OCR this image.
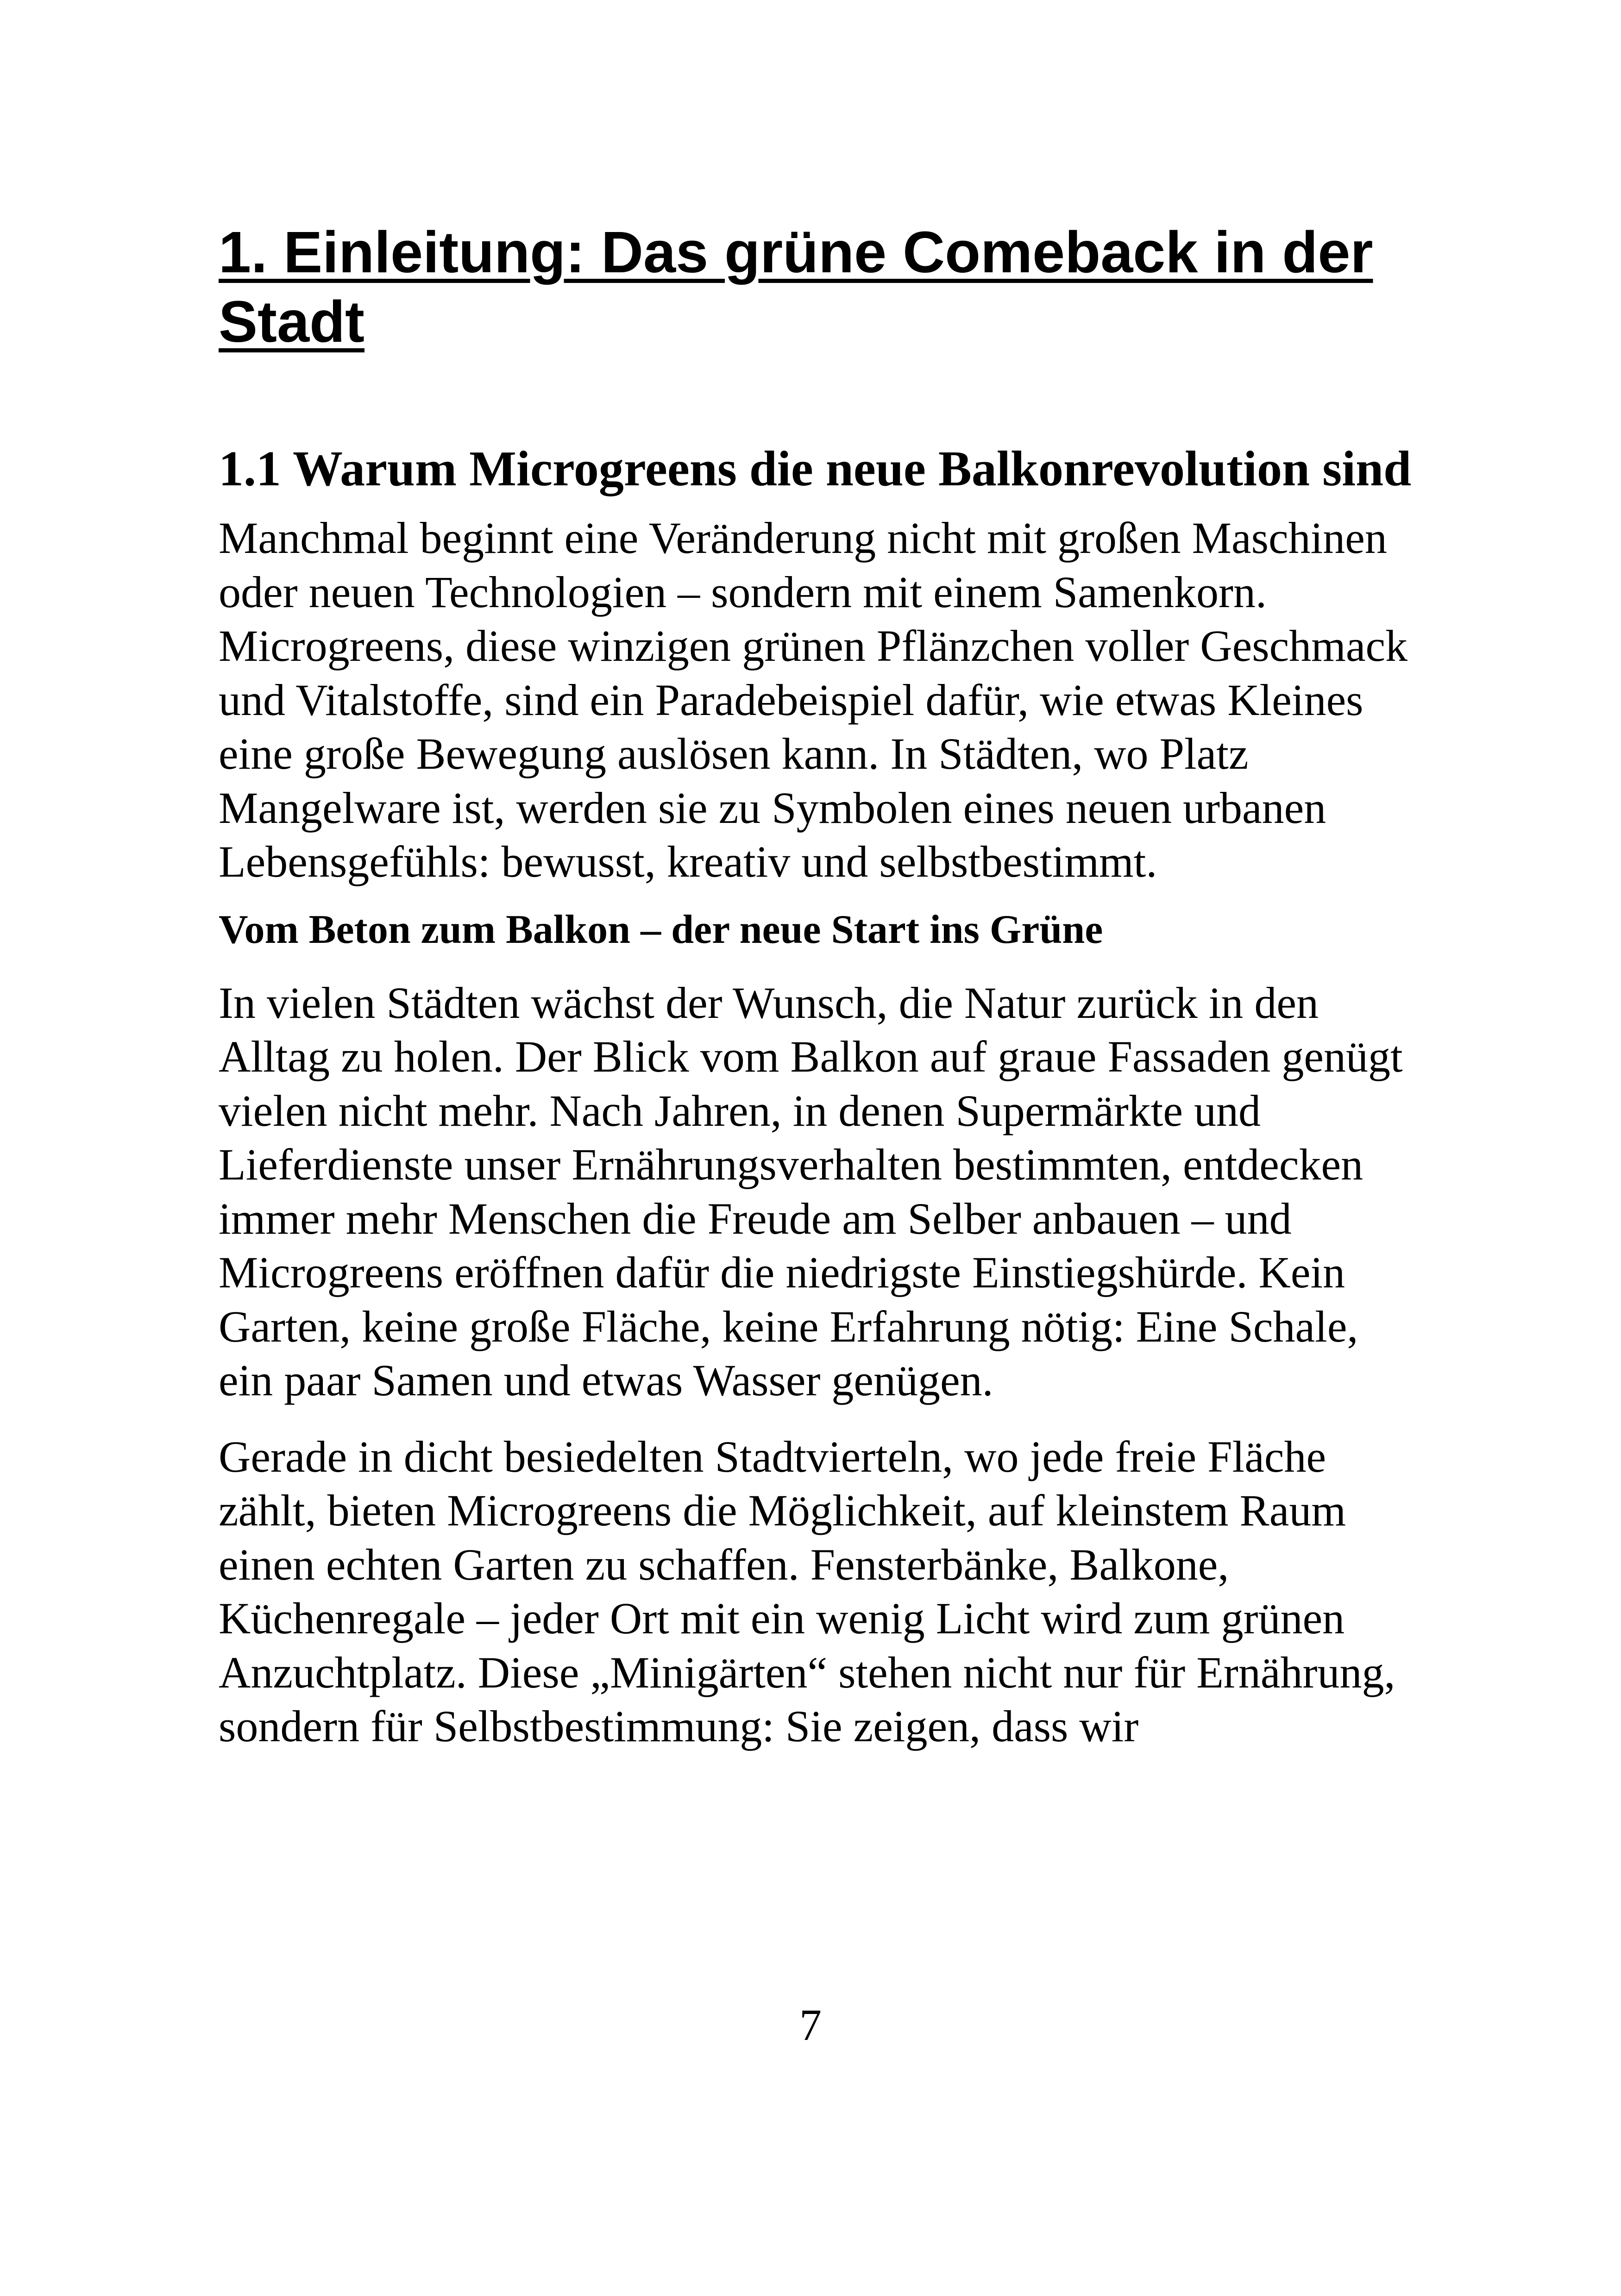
1. Einleitung: Das grüne Comeback in der Stadt
1.1 Warum Microgreens die neue Balkonrevolution sind

Manchmal beginnt eine Veränderung nicht mit großen Maschinen oder neuen Technologien – sondern mit einem Samenkorn. Microgreens, diese winzigen grünen Pflänzchen voller Geschmack und Vitalstoffe, sind ein Paradebeispiel dafür, wie etwas Kleines eine große Bewegung auslösen kann. In Städten, wo Platz Mangelware ist, werden sie zu Symbolen eines neuen urbanen Lebensgefühls: bewusst, kreativ und selbstbestimmt.

Vom Beton zum Balkon – der neue Start ins Grüne

In vielen Städten wächst der Wunsch, die Natur zurück in den Alltag zu holen. Der Blick vom Balkon auf graue Fassaden genügt vielen nicht mehr. Nach Jahren, in denen Supermärkte und Lieferdienste unser Ernährungsverhalten bestimmten, entdecken immer mehr Menschen die Freude am Selber anbauen – und Microgreens eröffnen dafür die niedrigste Einstiegshürde. Kein Garten, keine große Fläche, keine Erfahrung nötig: Eine Schale, ein paar Samen und etwas Wasser genügen.

Gerade in dicht besiedelten Stadtvierteln, wo jede freie Fläche zählt, bieten Microgreens die Möglichkeit, auf kleinstem Raum einen echten Garten zu schaffen. Fensterbänke, Balkone, Küchenregale – jeder Ort mit ein wenig Licht wird zum grünen Anzuchtplatz. Diese „Minigärten“ stehen nicht nur für Ernährung, sondern für Selbstbestimmung: Sie zeigen, dass wir

7
